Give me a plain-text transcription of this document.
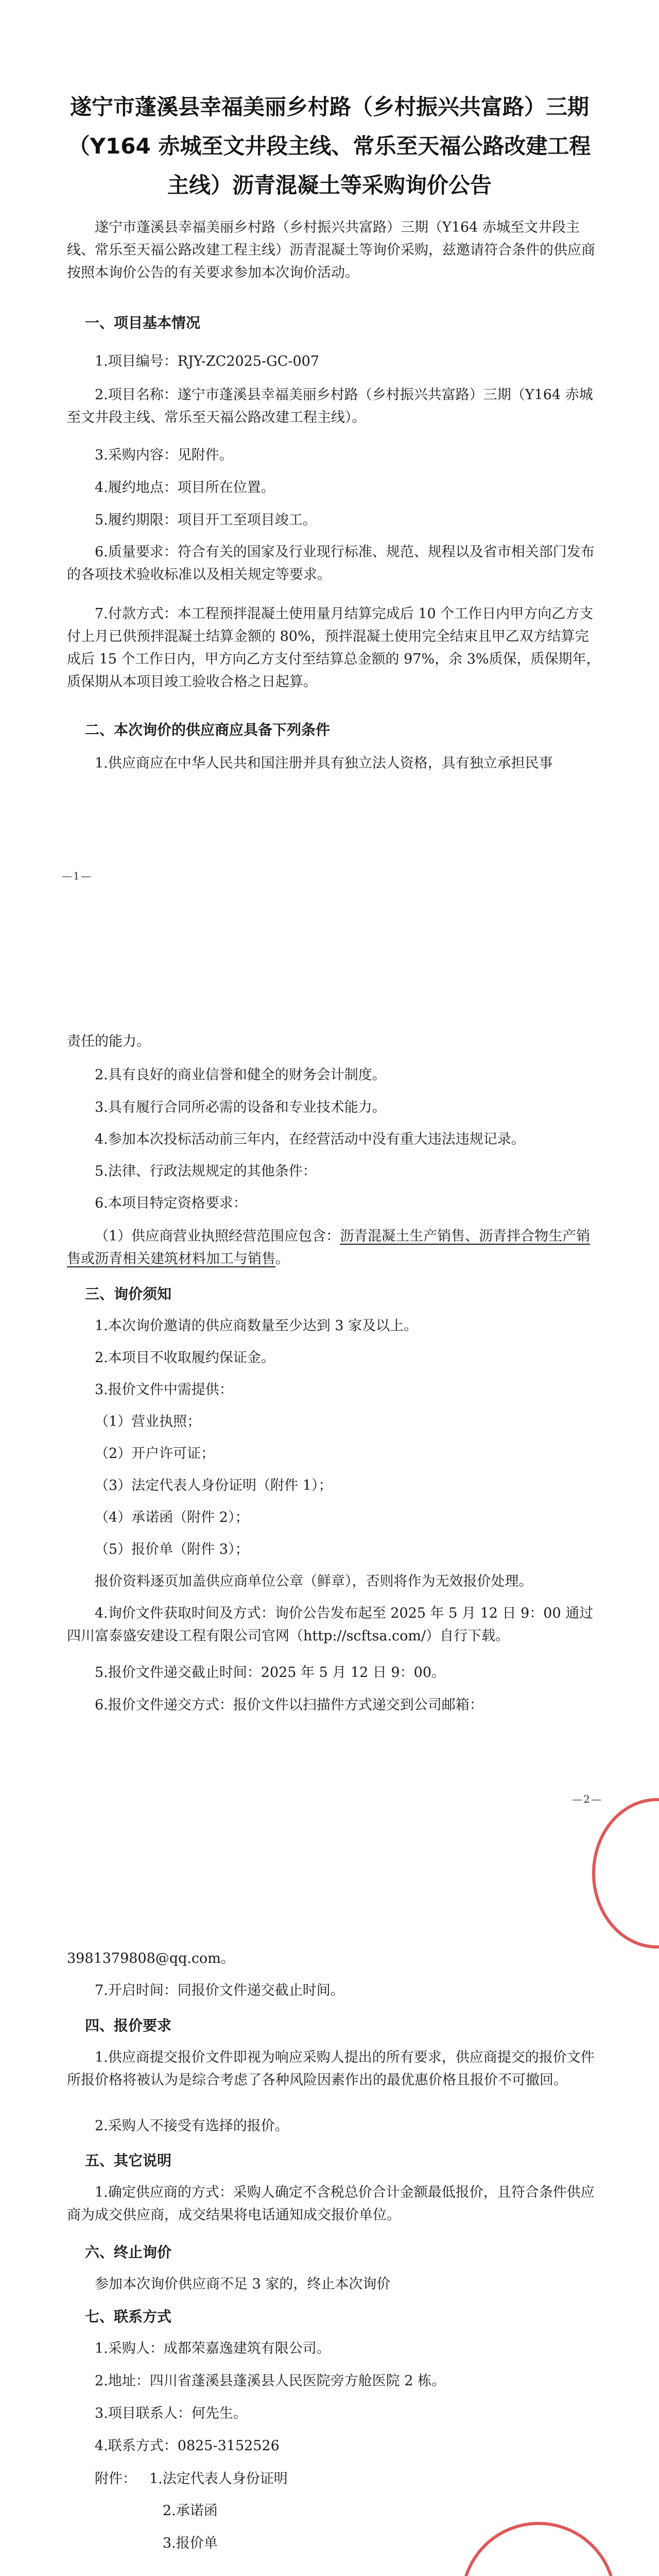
遂宁市蓬溪县幸福美丽乡村路（乡村振兴共富路）三期（Y164 赤城至文井段主线、常乐至天福公路改建工程主线）沥青混凝土等采购询价公告
遂宁市蓬溪县幸福美丽乡村路（乡村振兴共富路）三期（Y164 赤城至文井段主线、常乐至天福公路改建工程主线）沥青混凝土等询价采购，兹邀请符合条件的供应商按照本询价公告的有关要求参加本次询价活动。
一、项目基本情况
1.项目编号：RJY-ZC2025-GC-007
2.项目名称：遂宁市蓬溪县幸福美丽乡村路（乡村振兴共富路）三期（Y164 赤城至文井段主线、常乐至天福公路改建工程主线）。
3.采购内容：见附件。
4.履约地点：项目所在位置。
5.履约期限：项目开工至项目竣工。
6.质量要求：符合有关的国家及行业现行标准、规范、规程以及省市相关部门发布的各项技术验收标准以及相关规定等要求。
7.付款方式：本工程预拌混凝土使用量月结算完成后 10 个工作日内甲方向乙方支付上月已供预拌混凝土结算金额的 80%，预拌混凝土使用完全结束且甲乙双方结算完成后 15 个工作日内，甲方向乙方支付至结算总金额的 97%，余 3%质保，质保期年，质保期从本项目竣工验收合格之日起算。
二、本次询价的供应商应具备下列条件
1.供应商应在中华人民共和国注册并具有独立法人资格，具有独立承担民事
—1—
责任的能力。
2.具有良好的商业信誉和健全的财务会计制度。
3.具有履行合同所必需的设备和专业技术能力。
4.参加本次投标活动前三年内，在经营活动中没有重大违法违规记录。
5.法律、行政法规规定的其他条件：
6.本项目特定资格要求：
（1）供应商营业执照经营范围应包含：沥青混凝土生产销售、沥青拌合物生产销售或沥青相关建筑材料加工与销售。
三、询价须知
1.本次询价邀请的供应商数量至少达到 3 家及以上。
2.本项目不收取履约保证金。
3.报价文件中需提供：
（1）营业执照；
（2）开户许可证；
（3）法定代表人身份证明（附件 1）；
（4）承诺函（附件 2）；
（5）报价单（附件 3）；
报价资料逐页加盖供应商单位公章（鲜章），否则将作为无效报价处理。
4.询价文件获取时间及方式：询价公告发布起至 2025 年 5 月 12 日 9：00 通过四川富泰盛安建设工程有限公司官网（http://scftsa.com/）自行下载。
5.报价文件递交截止时间：2025 年 5 月 12 日 9：00。
6.报价文件递交方式：报价文件以扫描件方式递交到公司邮箱：
—2—
3981379808@qq.com。
7.开启时间：同报价文件递交截止时间。
四、报价要求
1.供应商提交报价文件即视为响应采购人提出的所有要求，供应商提交的报价文件所报价格将被认为是综合考虑了各种风险因素作出的最优惠价格且报价不可撤回。
2.采购人不接受有选择的报价。
五、其它说明
1.确定供应商的方式：采购人确定不含税总价合计金额最低报价，且符合条件供应商为成交供应商，成交结果将电话通知成交报价单位。
六、终止询价
参加本次询价供应商不足 3 家的，终止本次询价
七、联系方式
1.采购人：成都荣嘉逸建筑有限公司。
2.地址：四川省蓬溪县蓬溪县人民医院旁方舱医院 2 栋。
3.项目联系人：何先生。
4.联系方式：0825-3152526
附件： 1.法定代表人身份证明
2.承诺函
3.报价单
